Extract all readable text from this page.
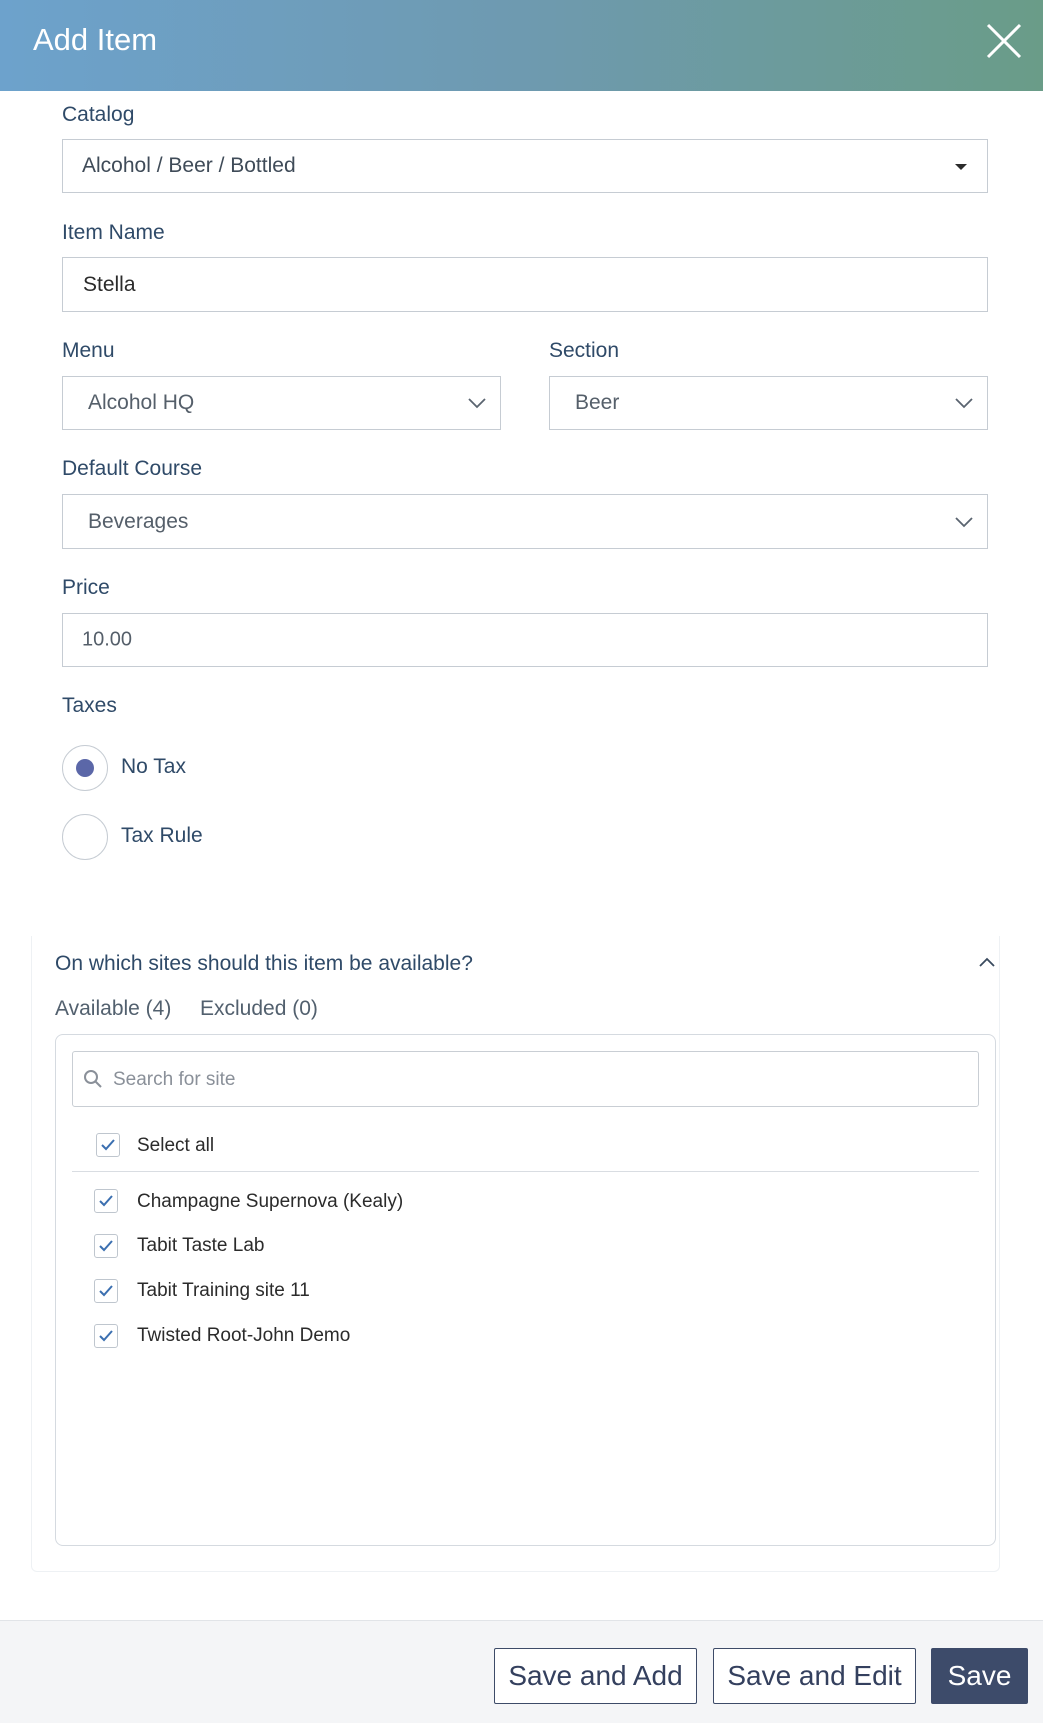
Add Item
Catalog
Alcohol / Beer / Bottled
Item Name
Stella
Menu
Alcohol HQ
Section
Beer
Default Course
Beverages
Price
10.00
Taxes
No Tax
Tax Rule
On which sites should this item be available?
Available (4) Excluded (0)
Search for site
Select all
Champagne Supernova (Kealy)
Tabit Taste Lab
Tabit Training site 11
Twisted Root-John Demo
Save and Add	Save and Edit	Save
